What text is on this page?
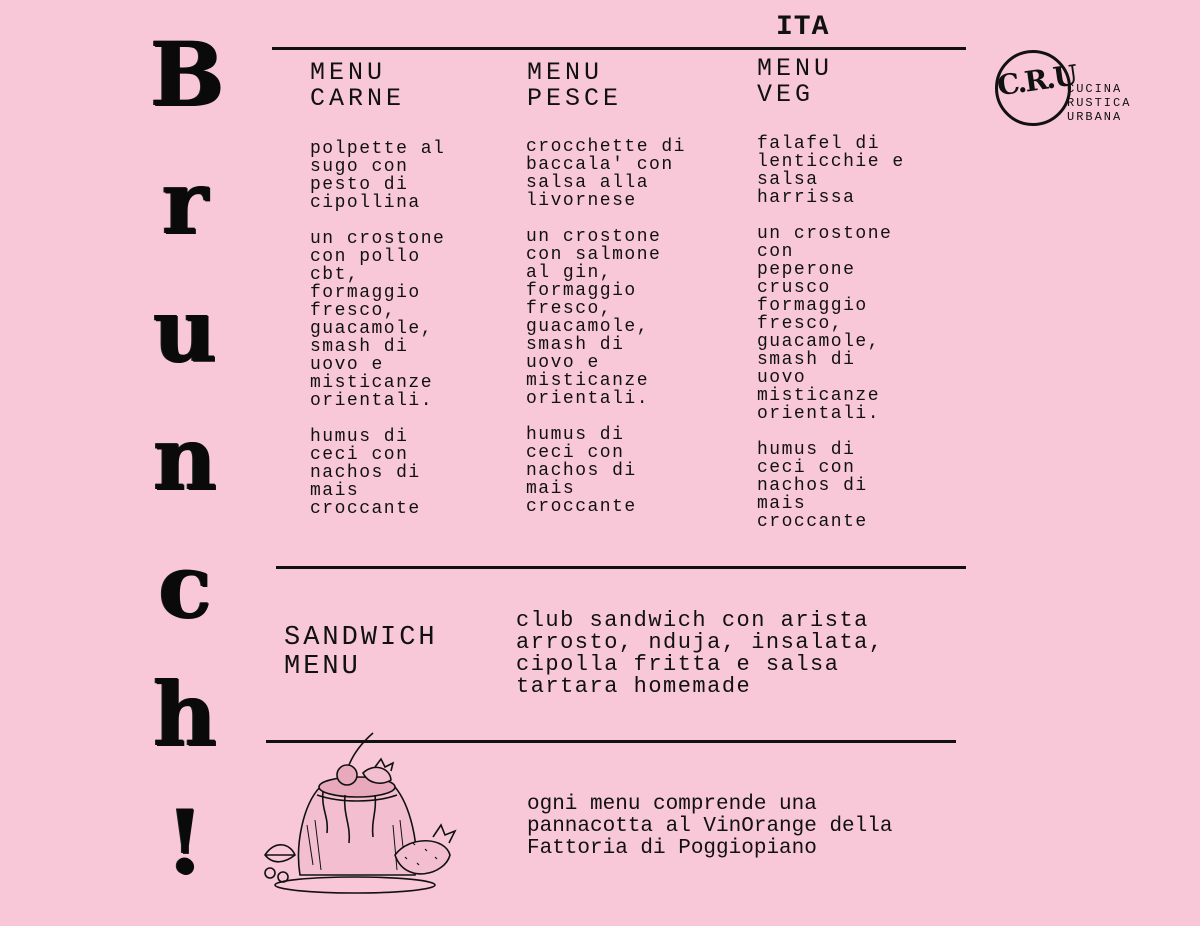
B
r
u
n
c
h
!
ITA
MENU
CARNE
MENU
PESCE
MENU
VEG
polpette al
sugo con
pesto di
cipollina
un crostone
con pollo
cbt,
formaggio
fresco,
guacamole,
smash di
uovo e
misticanze
orientali.
humus di
ceci con
nachos di
mais
croccante
crocchette di
baccala' con
salsa alla
livornese
un crostone
con salmone
al gin,
formaggio
fresco,
guacamole,
smash di
uovo e
misticanze
orientali.
humus di
ceci con
nachos di
mais
croccante
falafel di
lenticchie e
salsa
harrissa
un crostone
con
peperone
crusco
formaggio
fresco,
guacamole,
smash di
uovo
misticanze
orientali.
humus di
ceci con
nachos di
mais
croccante
C.R.U
CUCINA
RUSTICA
URBANA
SANDWICH
MENU
club sandwich con arista arrosto, nduja, insalata, cipolla fritta e salsa tartara homemade
ogni menu comprende una pannacotta al VinOrange della Fattoria di Poggiopiano
